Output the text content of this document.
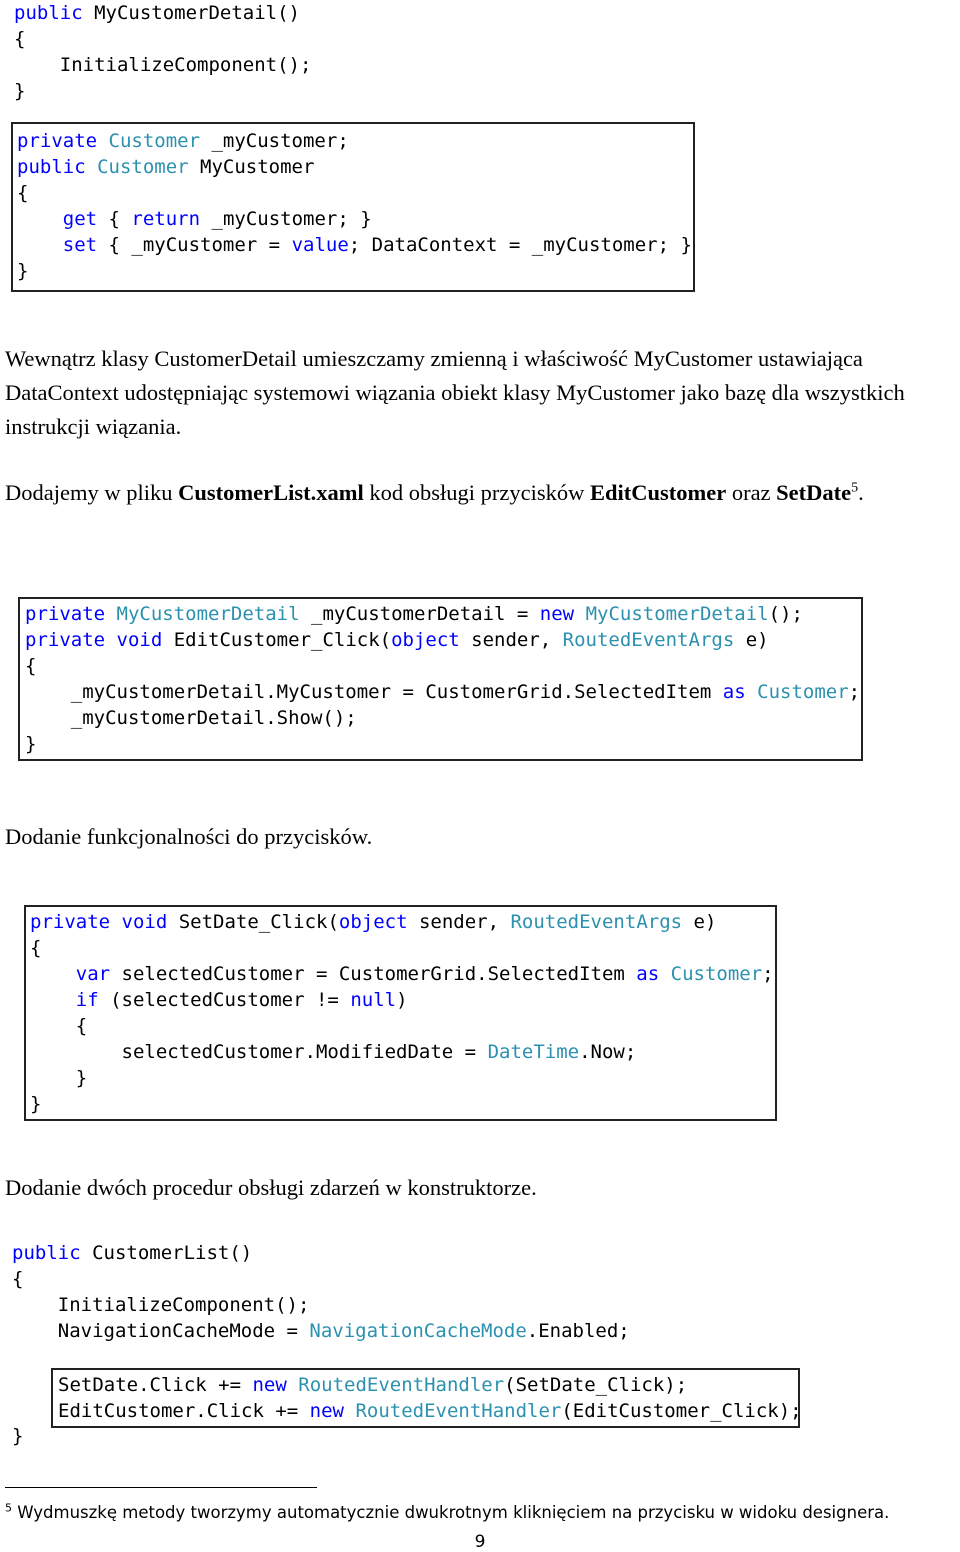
public MyCustomerDetail()
{
InitializeComponent();
}
private Customer _myCustomer;
public Customer MyCustomer
{
get { return _myCustomer; }
set { _myCustomer = value; DataContext = _myCustomer; }
}

Wewnątrz klasy CustomerDetail umieszczamy zmienną i właściwość MyCustomer ustawiająca DataContext udostępniając systemowi wiązania obiekt klasy MyCustomer jako bazę dla wszystkich instrukcji wiązania.

Dodajemy w pliku CustomerList.xaml kod obsługi przycisków EditCustomer oraz SetDate$^5$.

private MyCustomerDetail _myCustomerDetail = new MyCustomerDetail();
private void EditCustomer_Click(object sender, RoutedEventArgs e)
{
_myCustomerDetail.MyCustomer = CustomerGrid.SelectedItem as Customer;
_myCustomerDetail.Show();
}

Dodanie funkcjonalności do przycisków.

private void SetDate_Click(object sender, RoutedEventArgs e)
{
var selectedCustomer = CustomerGrid.SelectedItem as Customer;
if (selectedCustomer != null)
{
selectedCustomer.ModifiedDate = DateTime.Now;
}
}

Dodanie dwóch procedur obsługi zdarzeń w konstruktorze.

public CustomerList()
{
InitializeComponent();
NavigationCacheMode = NavigationCacheMode.Enabled;
SetDate.Click += new RoutedEventHandler(SetDate_Click);
EditCustomer.Click += new RoutedEventHandler(EditCustomer_Click);
}

$^5$ Wydmuszkę metody tworzymy automatycznie dwukrotnym kliknięciem na przycisku w widoku designera.

9
